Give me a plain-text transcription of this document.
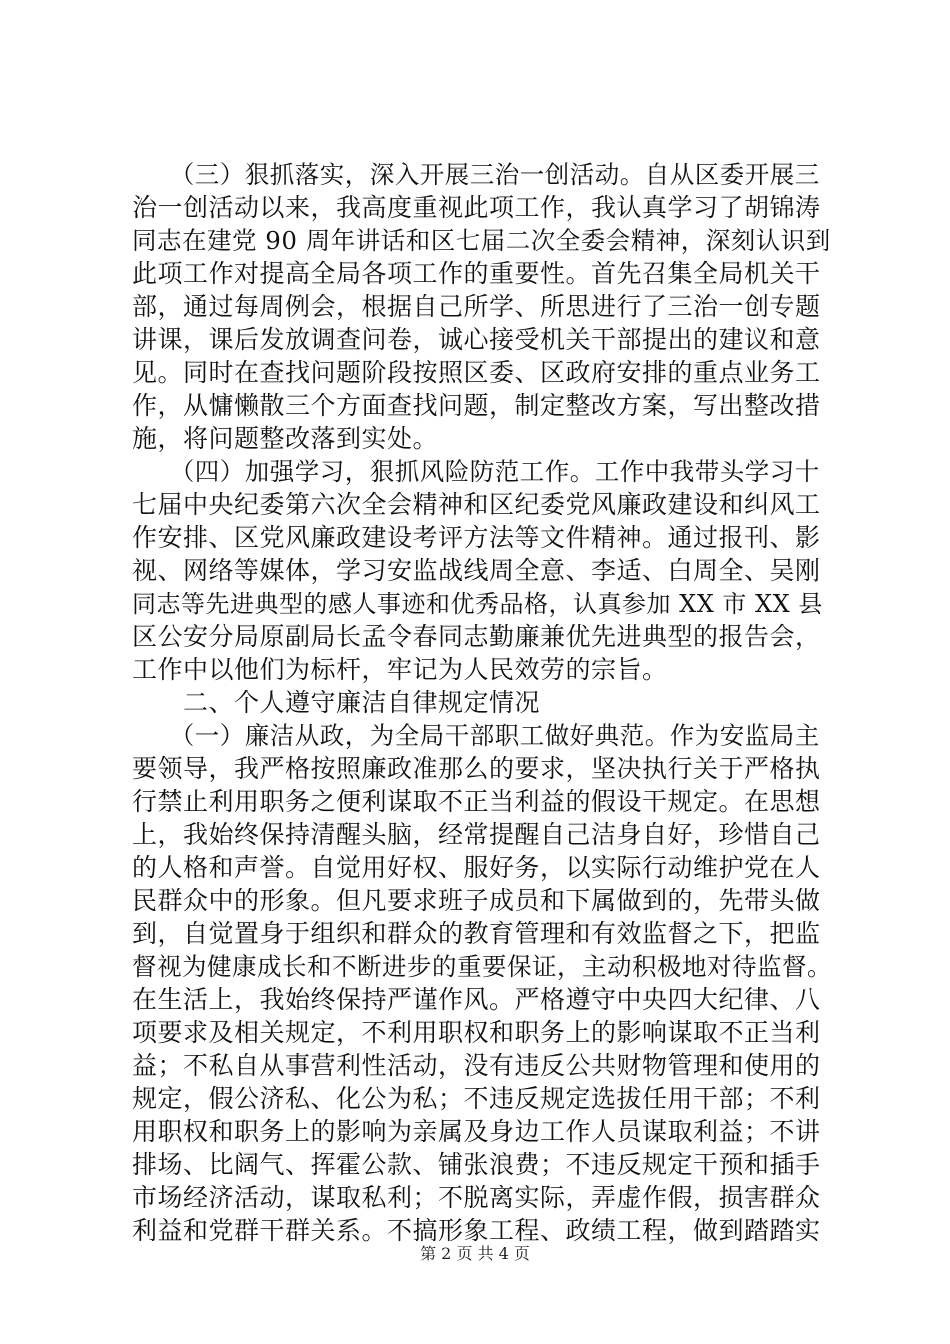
　　（三）狠抓落实，深入开展三治一创活动。自从区委开展三
治一创活动以来，我高度重视此项工作，我认真学习了胡锦涛
同志在建党 90 周年讲话和区七届二次全委会精神，深刻认识到
此项工作对提高全局各项工作的重要性。首先召集全局机关干
部，通过每周例会，根据自己所学、所思进行了三治一创专题
讲课，课后发放调查问卷，诚心接受机关干部提出的建议和意
见。同时在查找问题阶段按照区委、区政府安排的重点业务工
作，从慵懒散三个方面查找问题，制定整改方案，写出整改措
施，将问题整改落到实处。
　　（四）加强学习，狠抓风险防范工作。工作中我带头学习十
七届中央纪委第六次全会精神和区纪委党风廉政建设和纠风工
作安排、区党风廉政建设考评方法等文件精神。通过报刊、影
视、网络等媒体，学习安监战线周全意、李适、白周全、吴刚
同志等先进典型的感人事迹和优秀品格，认真参加 XX 市 XX 县
区公安分局原副局长孟令春同志勤廉兼优先进典型的报告会，
工作中以他们为标杆，牢记为人民效劳的宗旨。
　　二、个人遵守廉洁自律规定情况
　　（一）廉洁从政，为全局干部职工做好典范。作为安监局主
要领导，我严格按照廉政准那么的要求，坚决执行关于严格执
行禁止利用职务之便利谋取不正当利益的假设干规定。在思想
上，我始终保持清醒头脑，经常提醒自己洁身自好，珍惜自己
的人格和声誉。自觉用好权、服好务，以实际行动维护党在人
民群众中的形象。但凡要求班子成员和下属做到的，先带头做
到，自觉置身于组织和群众的教育管理和有效监督之下，把监
督视为健康成长和不断进步的重要保证，主动积极地对待监督。
在生活上，我始终保持严谨作风。严格遵守中央四大纪律、八
项要求及相关规定，不利用职权和职务上的影响谋取不正当利
益；不私自从事营利性活动，没有违反公共财物管理和使用的
规定，假公济私、化公为私；不违反规定选拔任用干部；不利
用职权和职务上的影响为亲属及身边工作人员谋取利益；不讲
排场、比阔气、挥霍公款、铺张浪费；不违反规定干预和插手
市场经济活动，谋取私利；不脱离实际，弄虚作假，损害群众
利益和党群干群关系。不搞形象工程、政绩工程，做到踏踏实
第 2 页 共 4 页
